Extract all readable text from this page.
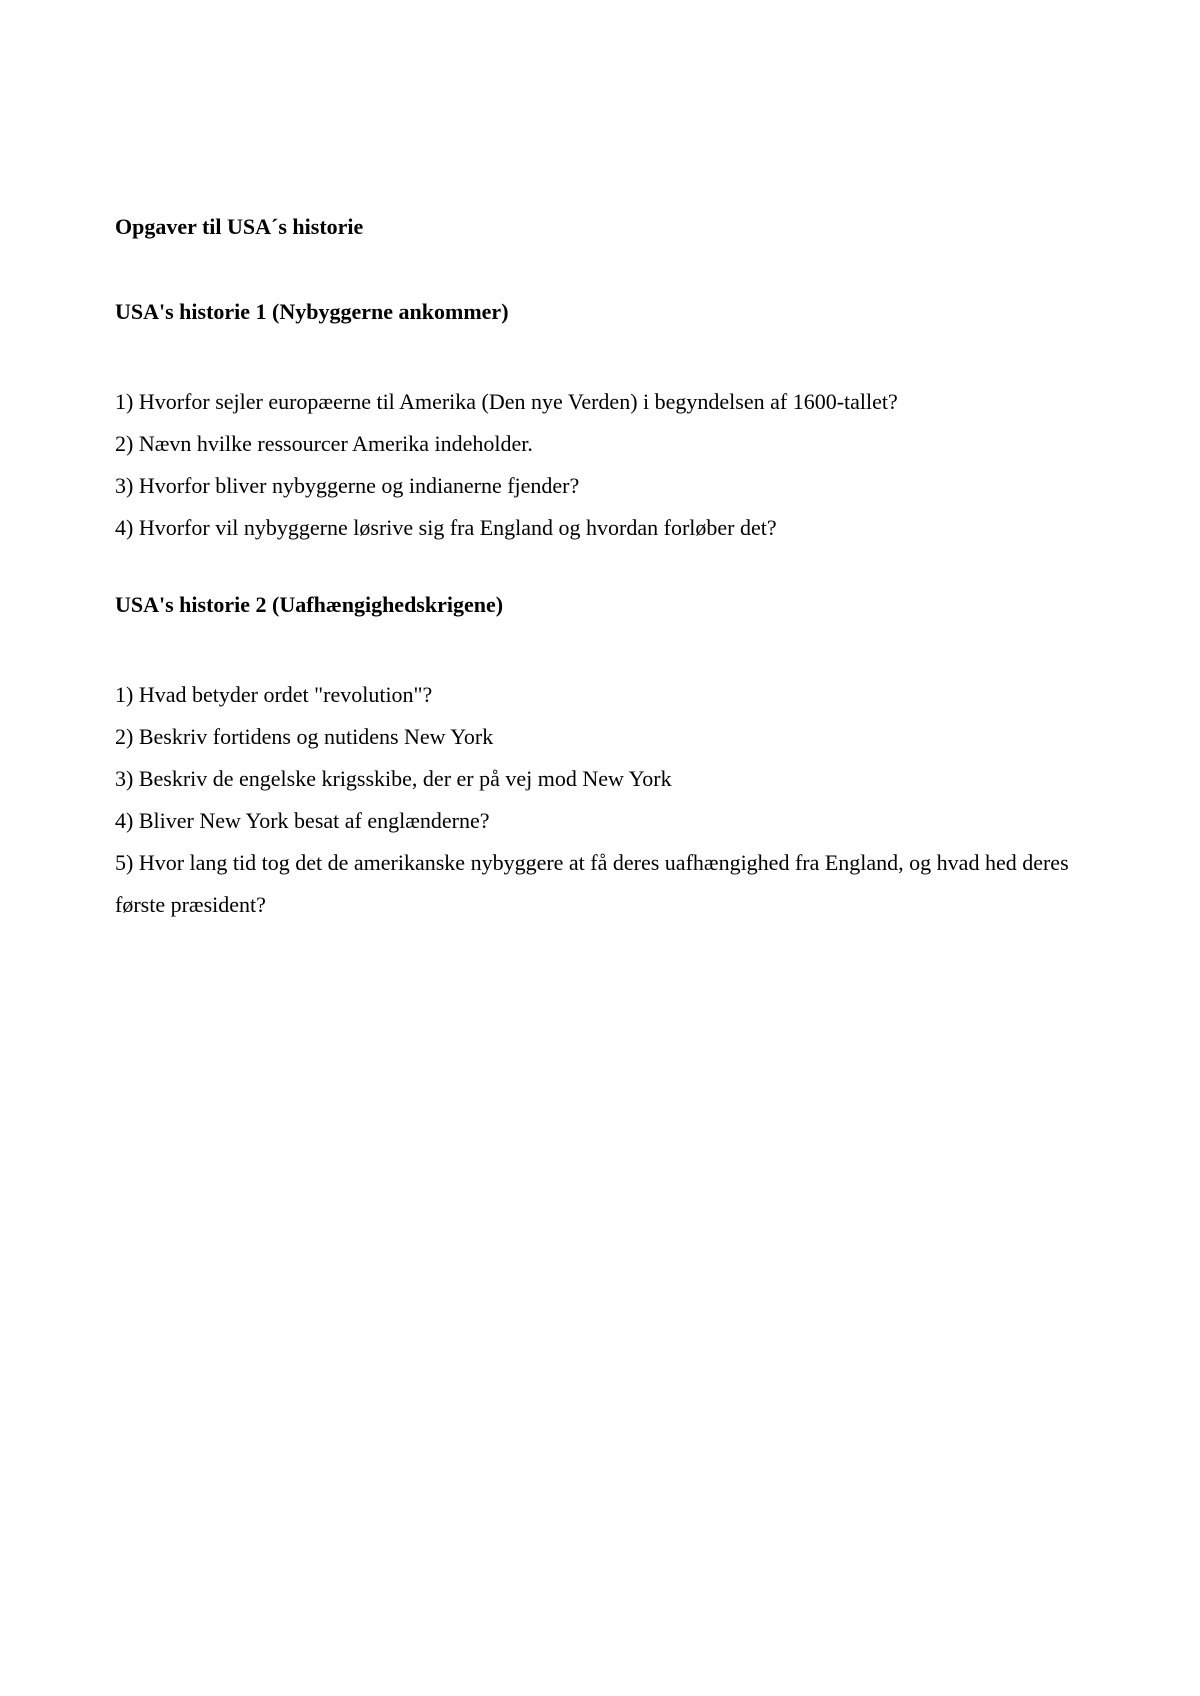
Opgaver til USA´s historie
USA's historie 1 (Nybyggerne ankommer)
1) Hvorfor sejler europæerne til Amerika (Den nye Verden) i begyndelsen af 1600-tallet?
2) Nævn hvilke ressourcer Amerika indeholder.
3) Hvorfor bliver nybyggerne og indianerne fjender?
4) Hvorfor vil nybyggerne løsrive sig fra England og hvordan forløber det?
USA's historie 2 (Uafhængighedskrigene)
1) Hvad betyder ordet "revolution"?
2) Beskriv fortidens og nutidens New York
3) Beskriv de engelske krigsskibe, der er på vej mod New York
4) Bliver New York besat af englænderne?
5) Hvor lang tid tog det de amerikanske nybyggere at få deres uafhængighed fra England, og hvad hed deres første præsident?
